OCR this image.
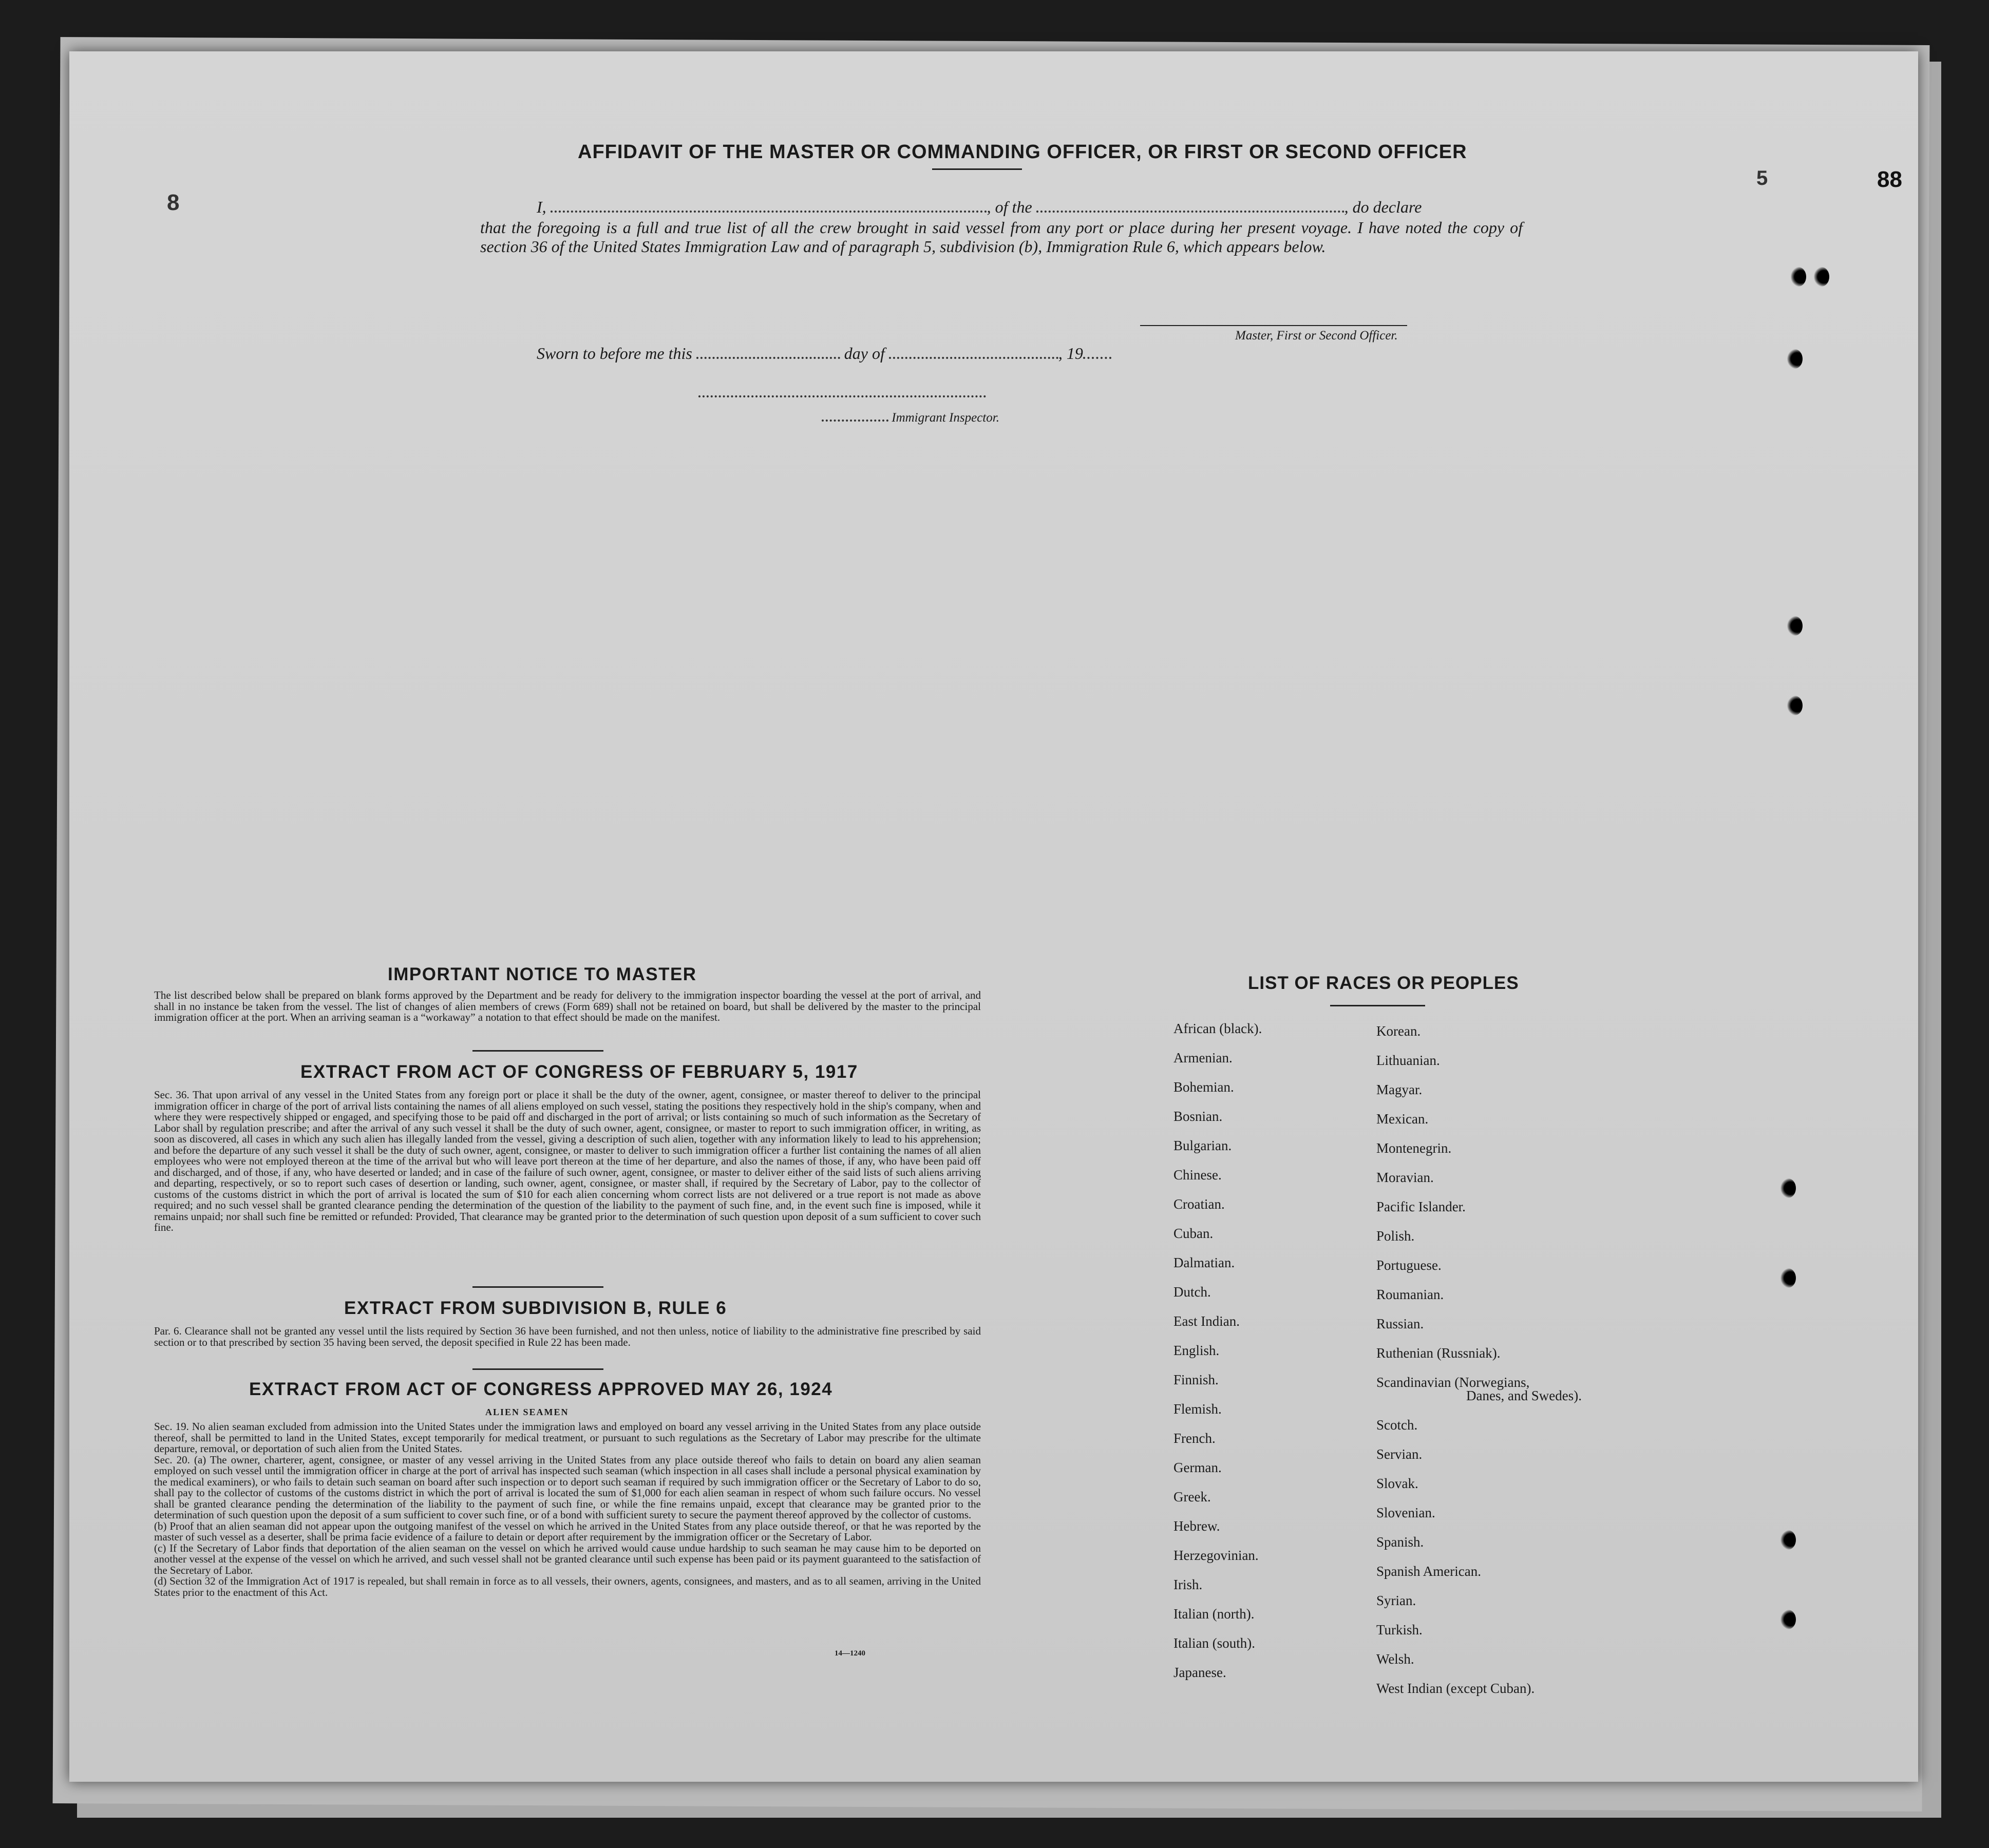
8
88
5
AFFIDAVIT OF THE MASTER OR COMMANDING OFFICER, OR FIRST OR SECOND OFFICER
I,	, of the	, do declare
that the foregoing is a full and true list of all the crew brought in said vessel from any port or place during her present voyage. I have noted the copy of section 36 of the United States Immigration Law and of paragraph 5, subdivision (b), Immigration Rule 6, which appears below.
Master, First or Second Officer.
Sworn to before me this	day of	, 19
Immigrant Inspector.
IMPORTANT NOTICE TO MASTER
The list described below shall be prepared on blank forms approved by the Department and be ready for delivery to the immigration inspector boarding the vessel at the port of arrival, and shall in no instance be taken from the vessel. The list of changes of alien members of crews (Form 689) shall not be retained on board, but shall be delivered by the master to the principal immigration officer at the port. When an arriving seaman is a “workaway” a notation to that effect should be made on the manifest.
EXTRACT FROM ACT OF CONGRESS OF FEBRUARY 5, 1917
Sec. 36. That upon arrival of any vessel in the United States from any foreign port or place it shall be the duty of the owner, agent, consignee, or master thereof to deliver to the principal immigration officer in charge of the port of arrival lists containing the names of all aliens employed on such vessel, stating the positions they respectively hold in the ship's company, when and where they were respectively shipped or engaged, and specifying those to be paid off and discharged in the port of arrival; or lists containing so much of such information as the Secretary of Labor shall by regulation prescribe; and after the arrival of any such vessel it shall be the duty of such owner, agent, consignee, or master to report to such immigration officer, in writing, as soon as discovered, all cases in which any such alien has illegally landed from the vessel, giving a description of such alien, together with any information likely to lead to his apprehension; and before the departure of any such vessel it shall be the duty of such owner, agent, consignee, or master to deliver to such immigration officer a further list containing the names of all alien employees who were not employed thereon at the time of the arrival but who will leave port thereon at the time of her departure, and also the names of those, if any, who have been paid off and discharged, and of those, if any, who have deserted or landed; and in case of the failure of such owner, agent, consignee, or master to deliver either of the said lists of such aliens arriving and departing, respectively, or so to report such cases of desertion or landing, such owner, agent, consignee, or master shall, if required by the Secretary of Labor, pay to the collector of customs of the customs district in which the port of arrival is located the sum of $10 for each alien concerning whom correct lists are not delivered or a true report is not made as above required; and no such vessel shall be granted clearance pending the determination of the question of the liability to the payment of such fine, and, in the event such fine is imposed, while it remains unpaid; nor shall such fine be remitted or refunded: Provided, That clearance may be granted prior to the determination of such question upon deposit of a sum sufficient to cover such fine.
EXTRACT FROM SUBDIVISION B, RULE 6
Par. 6. Clearance shall not be granted any vessel until the lists required by Section 36 have been furnished, and not then unless, notice of liability to the administrative fine prescribed by said section or to that prescribed by section 35 having been served, the deposit specified in Rule 22 has been made.
EXTRACT FROM ACT OF CONGRESS APPROVED MAY 26, 1924
ALIEN SEAMEN
Sec. 19. No alien seaman excluded from admission into the United States under the immigration laws and employed on board any vessel arriving in the United States from any place outside thereof, shall be permitted to land in the United States, except temporarily for medical treatment, or pursuant to such regulations as the Secretary of Labor may prescribe for the ultimate departure, removal, or deportation of such alien from the United States.
Sec. 20. (a) The owner, charterer, agent, consignee, or master of any vessel arriving in the United States from any place outside thereof who fails to detain on board any alien seaman employed on such vessel until the immigration officer in charge at the port of arrival has inspected such seaman (which inspection in all cases shall include a personal physical examination by the medical examiners), or who fails to detain such seaman on board after such inspection or to deport such seaman if required by such immigration officer or the Secretary of Labor to do so, shall pay to the collector of customs of the customs district in which the port of arrival is located the sum of $1,000 for each alien seaman in respect of whom such failure occurs. No vessel shall be granted clearance pending the determination of the liability to the payment of such fine, or while the fine remains unpaid, except that clearance may be granted prior to the determination of such question upon the deposit of a sum sufficient to cover such fine, or of a bond with sufficient surety to secure the payment thereof approved by the collector of customs.
(b) Proof that an alien seaman did not appear upon the outgoing manifest of the vessel on which he arrived in the United States from any place outside thereof, or that he was reported by the master of such vessel as a deserter, shall be prima facie evidence of a failure to detain or deport after requirement by the immigration officer or the Secretary of Labor.
(c) If the Secretary of Labor finds that deportation of the alien seaman on the vessel on which he arrived would cause undue hardship to such seaman he may cause him to be deported on another vessel at the expense of the vessel on which he arrived, and such vessel shall not be granted clearance until such expense has been paid or its payment guaranteed to the satisfaction of the Secretary of Labor.
(d) Section 32 of the Immigration Act of 1917 is repealed, but shall remain in force as to all vessels, their owners, agents, consignees, and masters, and as to all seamen, arriving in the United States prior to the enactment of this Act.
14—1240
LIST OF RACES OR PEOPLES
African (black).
Armenian.
Bohemian.
Bosnian.
Bulgarian.
Chinese.
Croatian.
Cuban.
Dalmatian.
Dutch.
East Indian.
English.
Finnish.
Flemish.
French.
German.
Greek.
Hebrew.
Herzegovinian.
Irish.
Italian (north).
Italian (south).
Japanese.
Korean.
Lithuanian.
Magyar.
Mexican.
Montenegrin.
Moravian.
Pacific Islander.
Polish.
Portuguese.
Roumanian.
Russian.
Ruthenian (Russniak).
Scandinavian (Norwegians,
Danes, and Swedes).
Scotch.
Servian.
Slovak.
Slovenian.
Spanish.
Spanish American.
Syrian.
Turkish.
Welsh.
West Indian (except Cuban).
